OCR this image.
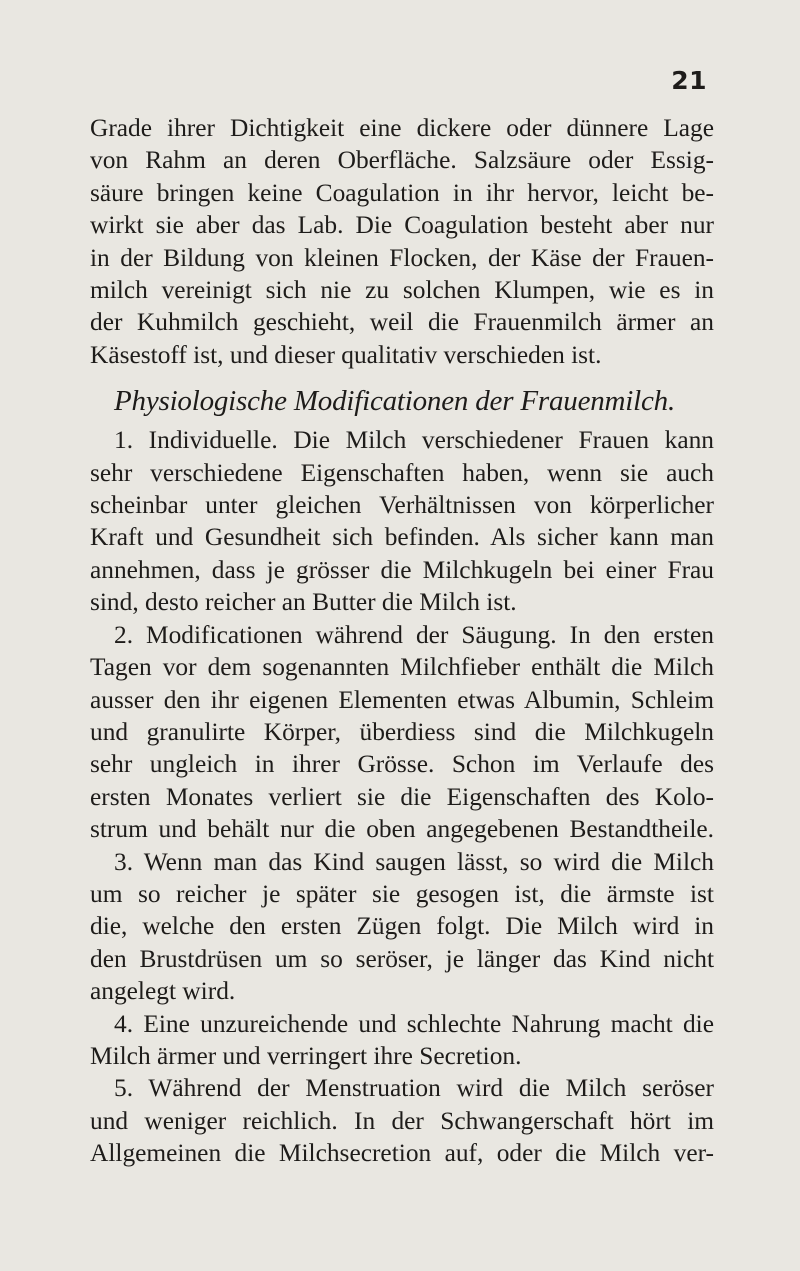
21
Grade ihrer Dichtigkeit eine dickere oder dünnere Lage
von Rahm an deren Oberfläche. Salzsäure oder Essig-
säure bringen keine Coagulation in ihr hervor, leicht be-
wirkt sie aber das Lab. Die Coagulation besteht aber nur
in der Bildung von kleinen Flocken, der Käse der Frauen-
milch vereinigt sich nie zu solchen Klumpen, wie es in
der Kuhmilch geschieht, weil die Frauenmilch ärmer an
Käsestoff ist, und dieser qualitativ verschieden ist.
Physiologische Modificationen der Frauenmilch.
1. Individuelle. Die Milch verschiedener Frauen kann
sehr verschiedene Eigenschaften haben, wenn sie auch
scheinbar unter gleichen Verhältnissen von körperlicher
Kraft und Gesundheit sich befinden. Als sicher kann man
annehmen, dass je grösser die Milchkugeln bei einer Frau
sind, desto reicher an Butter die Milch ist.
2. Modificationen während der Säugung. In den ersten
Tagen vor dem sogenannten Milchfieber enthält die Milch
ausser den ihr eigenen Elementen etwas Albumin, Schleim
und granulirte Körper, überdiess sind die Milchkugeln
sehr ungleich in ihrer Grösse. Schon im Verlaufe des
ersten Monates verliert sie die Eigenschaften des Kolo-
strum und behält nur die oben angegebenen Bestandtheile.
3. Wenn man das Kind saugen lässt, so wird die Milch
um so reicher je später sie gesogen ist, die ärmste ist
die, welche den ersten Zügen folgt. Die Milch wird in
den Brustdrüsen um so seröser, je länger das Kind nicht
angelegt wird.
4. Eine unzureichende und schlechte Nahrung macht die
Milch ärmer und verringert ihre Secretion.
5. Während der Menstruation wird die Milch seröser
und weniger reichlich. In der Schwangerschaft hört im
Allgemeinen die Milchsecretion auf, oder die Milch ver-
